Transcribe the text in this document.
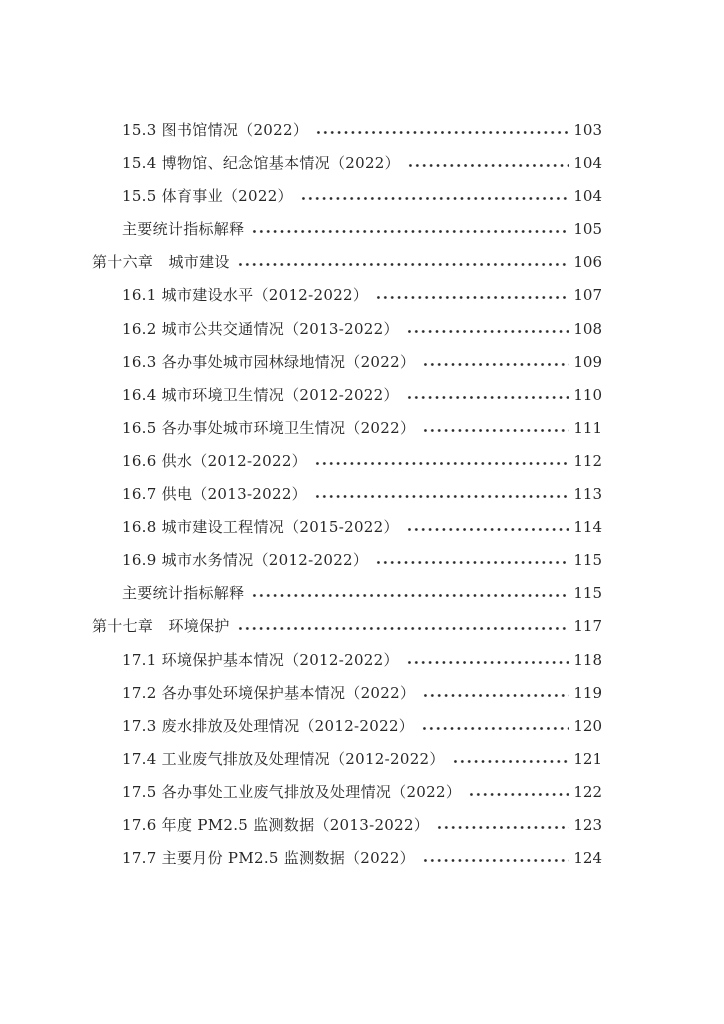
15.3 图书馆情况（2022）	103
15.4 博物馆、纪念馆基本情况（2022）	104
15.5 体育事业（2022）	104
主要统计指标解释	105
第十六章　城市建设	106
16.1 城市建设水平（2012-2022）	107
16.2 城市公共交通情况（2013-2022）	108
16.3 各办事处城市园林绿地情况（2022）	109
16.4 城市环境卫生情况（2012-2022）	110
16.5 各办事处城市环境卫生情况（2022）	111
16.6 供水（2012-2022）	112
16.7 供电（2013-2022）	113
16.8 城市建设工程情况（2015-2022）	114
16.9 城市水务情况（2012-2022）	115
主要统计指标解释	115
第十七章　环境保护	117
17.1 环境保护基本情况（2012-2022）	118
17.2 各办事处环境保护基本情况（2022）	119
17.3 废水排放及处理情况（2012-2022）	120
17.4 工业废气排放及处理情况（2012-2022）	121
17.5 各办事处工业废气排放及处理情况（2022）	122
17.6 年度 PM2.5 监测数据（2013-2022）	123
17.7 主要月份 PM2.5 监测数据（2022）	124
